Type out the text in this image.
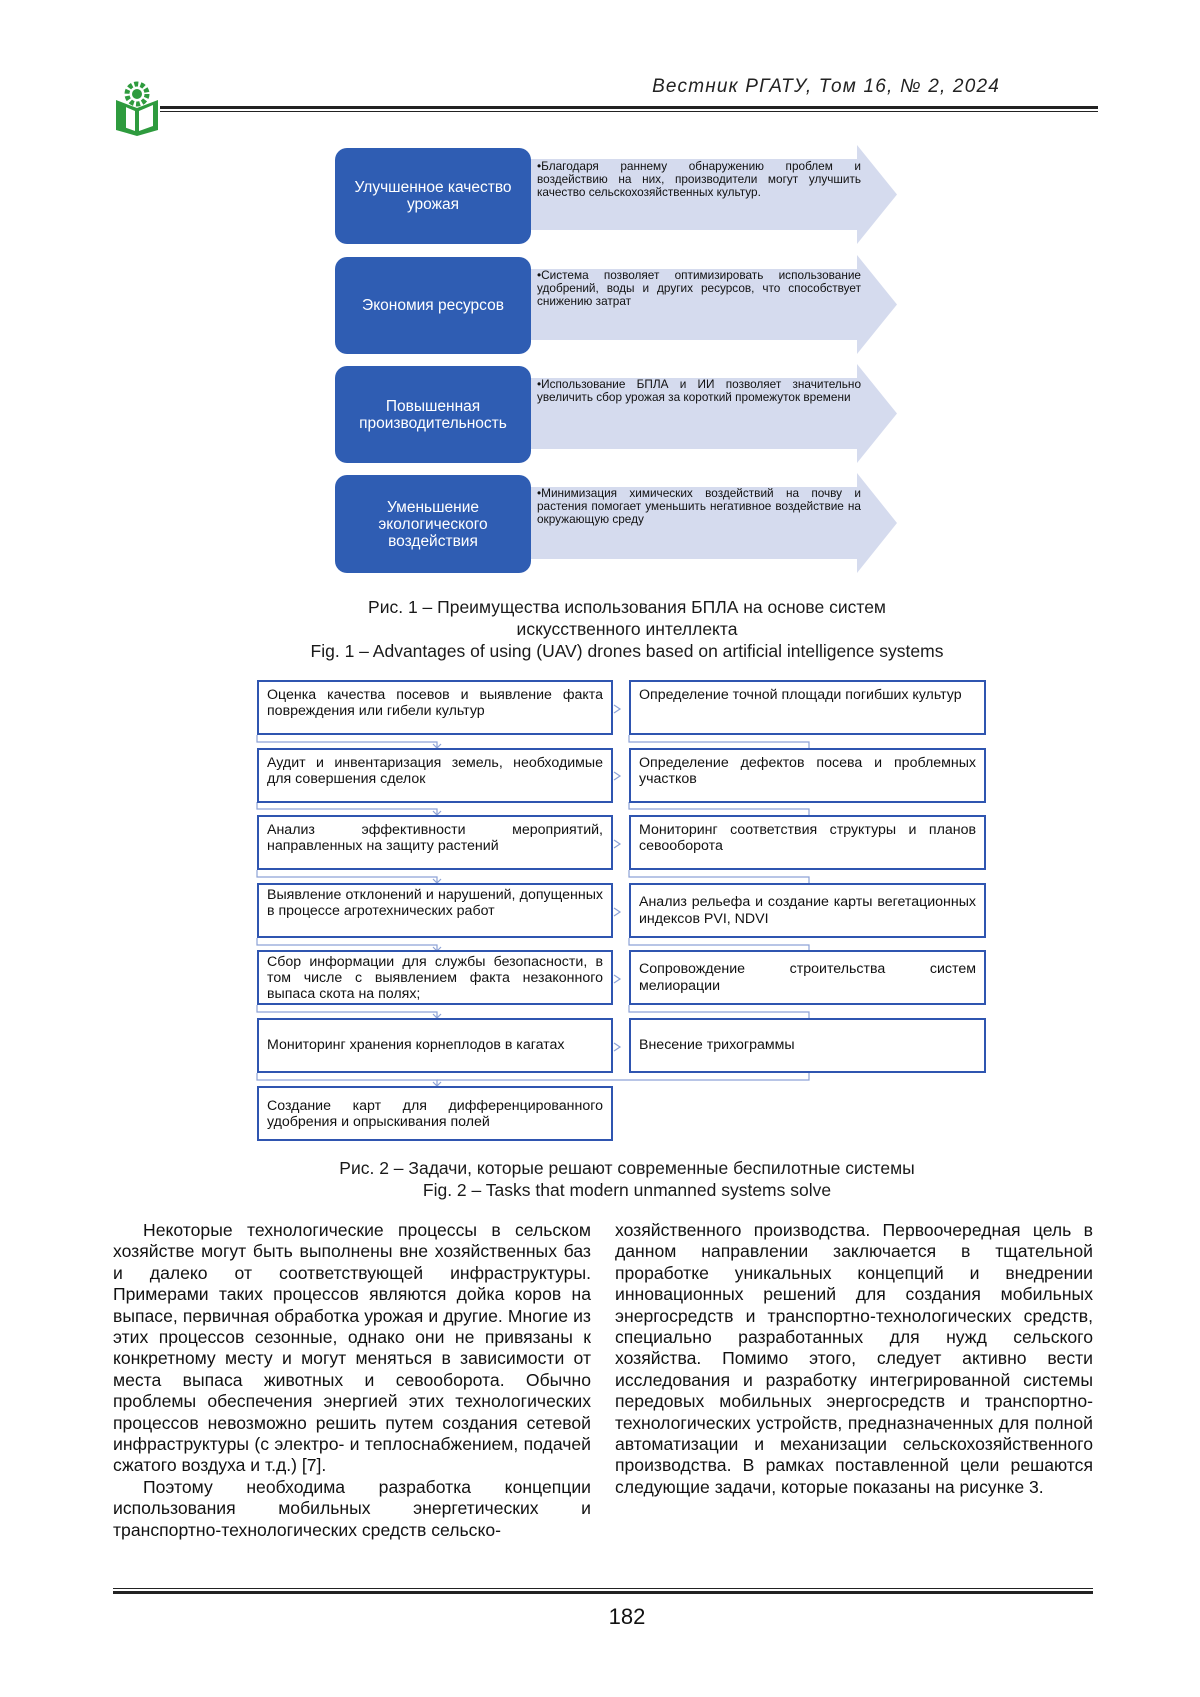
Вестник РГАТУ, Том 16, № 2, 2024
Улучшенное качество урожая
•Благодаря раннему обнаружению проблем и воздействию на них, производители могут улучшить качество сельскохозяйственных культур.
Экономия ресурсов
•Система позволяет оптимизировать использование удобрений, воды и других ресурсов, что способствует снижению затрат
Повышенная производительность
•Использование БПЛА и ИИ позволяет значительно увеличить сбор урожая за короткий промежуток времени
Уменьшение экологического воздействия
•Минимизация химических воздействий на почву и растения помогает уменьшить негативное воздействие на окружающую среду
Рис. 1 – Преимущества использования БПЛА на основе систем
искусственного интеллекта
Fig. 1 – Advantages of using (UAV) drones based on artificial intelligence systems
Оценка качества посевов и выявление факта повреждения или гибели культур
Аудит и инвентаризация земель, необходимые для совершения сделок
Анализ эффективности мероприятий, направленных на защиту растений
Выявление отклонений и нарушений, допущенных в процессе агротехнических работ
Сбор информации для службы безопасности, в том числе с выявлением факта незаконного выпаса скота на полях;
Мониторинг хранения корнеплодов в кагатах
Создание карт для дифференцированного удобрения и опрыскивания полей
Определение точной площади погибших культур
Определение дефектов посева и проблемных участков
Мониторинг соответствия структуры и планов севооборота
Анализ рельефа и создание карты вегетационных индексов PVI, NDVI
Сопровождение строительства систем мелиорации
Внесение трихограммы
Рис. 2 – Задачи, которые решают современные беспилотные системы
Fig. 2 – Tasks that modern unmanned systems solve

Некоторые технологические процессы в сельском хозяйстве могут быть выполнены вне хозяйственных баз и далеко от соответствующей инфраструктуры. Примерами таких процессов являются дойка коров на выпасе, первичная обработка урожая и другие. Многие из этих процессов сезонные, однако они не привязаны к конкретному месту и могут меняться в зависимости от места выпаса животных и севооборота. Обычно проблемы обеспечения энергией этих технологических процессов невозможно решить путем создания сетевой инфраструктуры (с электро- и теплоснабжением, подачей сжатого воздуха и т.д.) [7].

Поэтому необходима разработка концепции использования мобильных энергетических и транспортно-технологических средств сельско-

хозяйственного производства. Первоочередная цель в данном направлении заключается в тщательной проработке уникальных концепций и внедрении инновационных решений для создания мобильных энергосредств и транспортно-технологических средств, специально разработанных для нужд сельского хозяйства. Помимо этого, следует активно вести исследования и разработку интегрированной системы передовых мобильных энергосредств и транспортно-технологических устройств, предназначенных для полной автоматизации и механизации сельскохозяйственного производства. В рамках поставленной цели решаются следующие задачи, которые показаны на рисунке 3.

182
